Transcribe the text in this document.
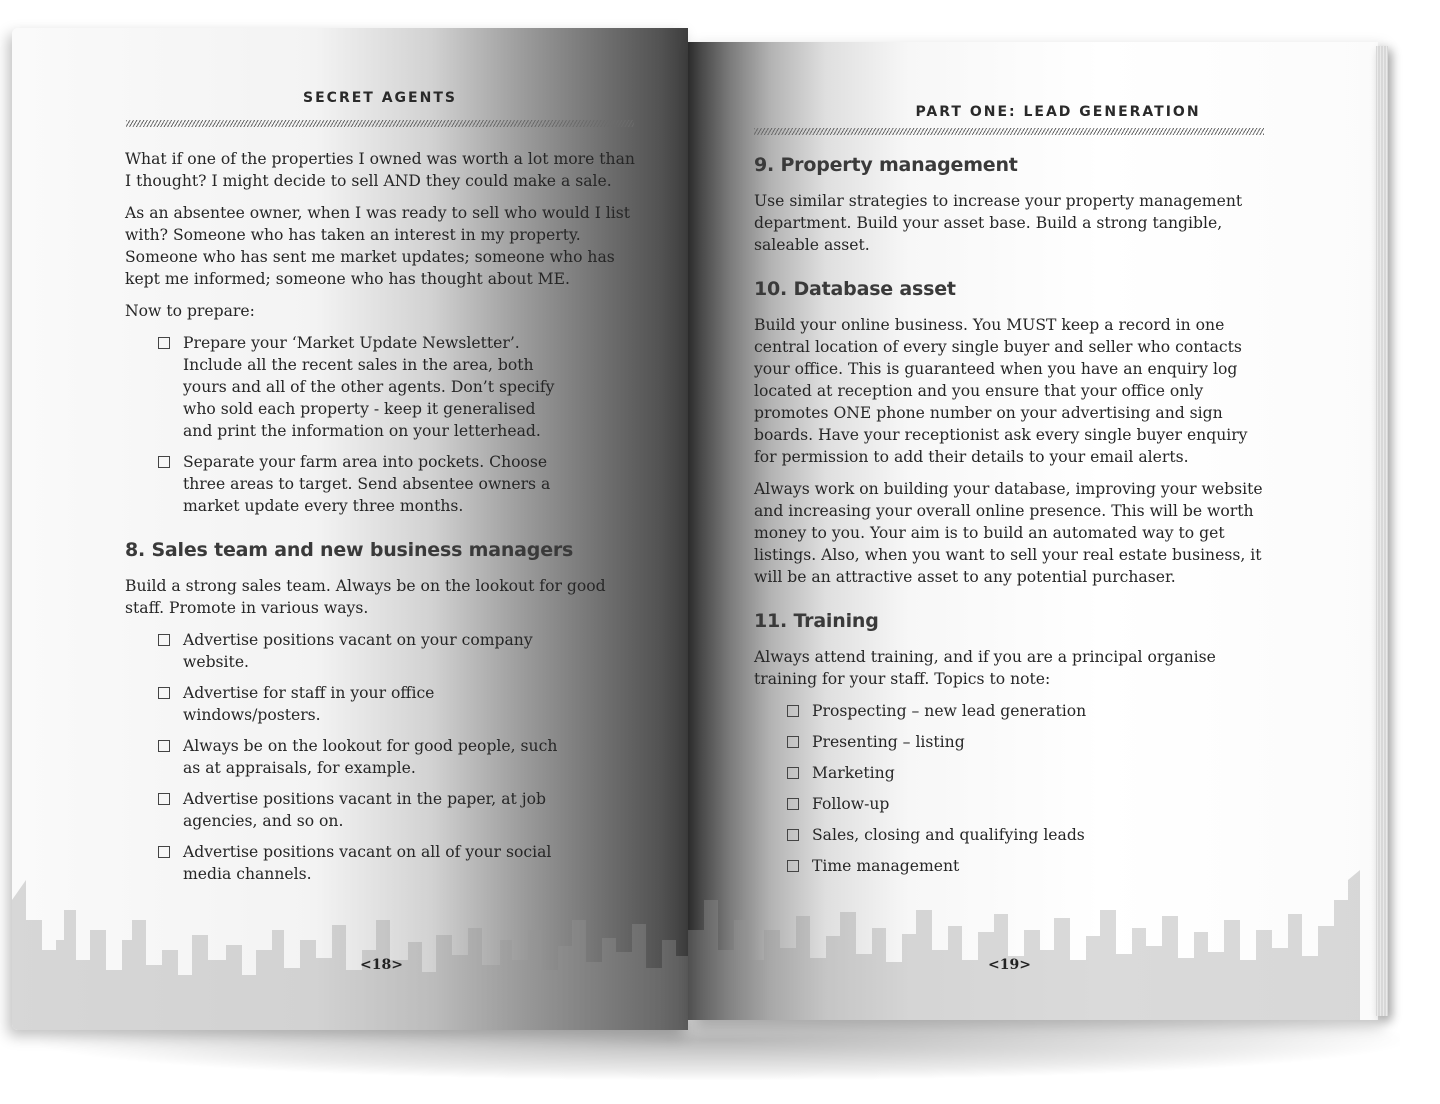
SECRET AGENTS

What if one of the properties I owned was worth a lot more than I thought? I might decide to sell AND they could make a sale.

As an absentee owner, when I was ready to sell who would I list with? Someone who has taken an interest in my property. Someone who has sent me market updates; someone who has kept me informed; someone who has thought about ME.

Now to prepare:

Prepare your ‘Market Update Newsletter’. Include all the recent sales in the area, both yours and all of the other agents. Don’t specify who sold each property - keep it generalised and print the information on your letterhead.
Separate your farm area into pockets. Choose three areas to target. Send absentee owners a market update every three months.
8. Sales team and new business managers

Build a strong sales team. Always be on the lookout for good staff. Promote in various ways.

Advertise positions vacant on your company website.
Advertise for staff in your office windows/posters.
Always be on the lookout for good people, such as at appraisals, for example.
Advertise positions vacant in the paper, at job agencies, and so on.
Advertise positions vacant on all of your social media channels.
<18>
PART ONE: LEAD GENERATION
9. Property management

Use similar strategies to increase your property management department. Build your asset base. Build a strong tangible, saleable asset.

10. Database asset

Build your online business. You MUST keep a record in one central location of every single buyer and seller who contacts your office. This is guaranteed when you have an enquiry log located at reception and you ensure that your office only promotes ONE phone number on your advertising and sign boards. Have your receptionist ask every single buyer enquiry for permission to add their details to your email alerts.

Always work on building your database, improving your website and increasing your overall online presence. This will be worth money to you. Your aim is to build an automated way to get listings. Also, when you want to sell your real estate business, it will be an attractive asset to any potential purchaser.

11. Training

Always attend training, and if you are a principal organise training for your staff. Topics to note:

Prospecting – new lead generation
Presenting – listing
Marketing
Follow-up
Sales, closing and qualifying leads
Time management
<19>
